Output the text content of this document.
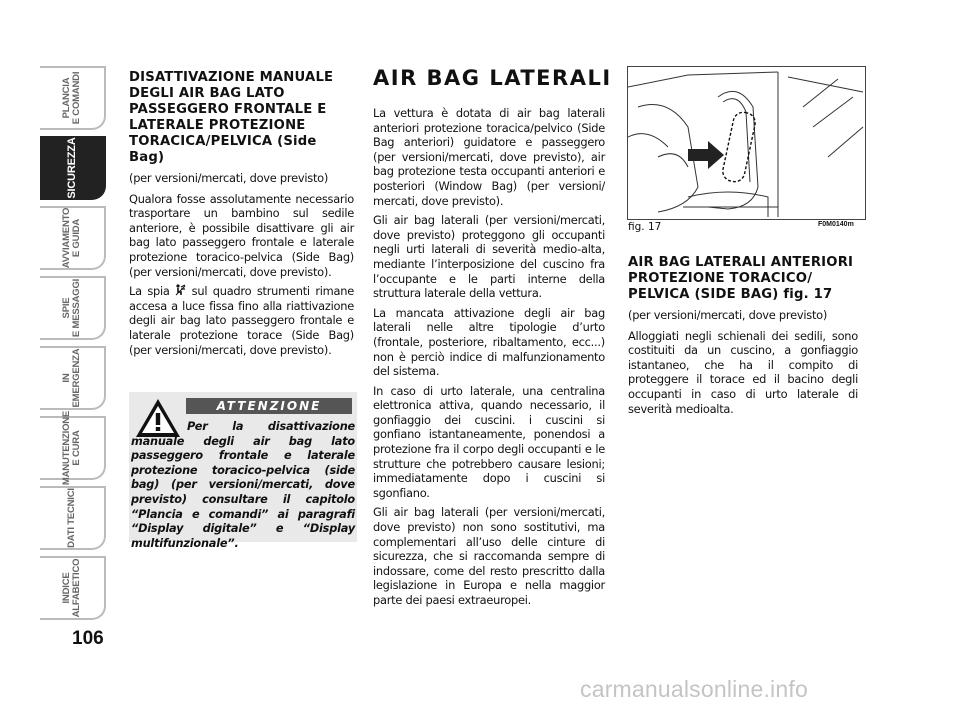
PLANCIA
E COMANDI
SICUREZZA
AVVIAMENTO
E GUIDA
SPIE
E MESSAGGI
IN
EMERGENZA
MANUTENZIONE
E CURA
DATI TECNICI
INDICE
ALFABETICO
106

DISATTIVAZIONE MANUALE DEGLI AIR BAG LATO PASSEGGERO FRONTALE E LATERALE PROTEZIONE TORACICA/PELVICA (Side Bag)

(per versioni/mercati, dove previsto)

Qualora fosse assolutamente necessario trasportare un bambino sul sedile anteriore, è possibile disattivare gli air bag lato passeggero frontale e laterale protezione toracico-pelvica (Side Bag) (per versioni/mercati, dove previsto).

La spia  sul quadro strumenti rimane accesa a luce fissa fino alla riattivazione degli air bag lato passeggero frontale e laterale protezione torace (Side Bag) (per versioni/mercati, dove previsto).

ATTENZIONE
Per la disattivazione manuale degli air bag lato passeggero frontale e laterale protezione toracico-pelvica (side bag) (per versioni/mercati, dove previsto) consultare il capitolo “Plancia e comandi” ai paragrafi “Display digitale” e “Display multifunzionale”.
AIR BAG LATERALI

La vettura è dotata di air bag laterali anteriori protezione toracica/pelvico (Side Bag anteriori) guidatore e passeggero (per versioni/mercati, dove previsto), air bag protezione testa occupanti anteriori e posteriori (Window Bag) (per versioni/ mercati, dove previsto).

Gli air bag laterali (per versioni/mercati, dove previsto) proteggono gli occupanti negli urti laterali di severità medio-alta, mediante l’interposizione del cuscino fra l’occupante e le parti interne della struttura laterale della vettura.

La mancata attivazione degli air bag laterali nelle altre tipologie d’urto (frontale, posteriore, ribaltamento, ecc...) non è perciò indice di malfunzionamento del sistema.

In caso di urto laterale, una centralina elettronica attiva, quando necessario, il gonfiaggio dei cuscini. i cuscini si gonfiano istantaneamente, ponendosi a protezione fra il corpo degli occupanti e le strutture che potrebbero causare lesioni; immediatamente dopo i cuscini si sgonfiano.

Gli air bag laterali (per versioni/mercati, dove previsto) non sono sostitutivi, ma complementari all’uso delle cinture di sicurezza, che si raccomanda sempre di indossare, come del resto prescritto dalla legislazione in Europa e nella maggior parte dei paesi extraeuropei.

fig. 17	F0M0140m

AIR BAG LATERALI ANTERIORI PROTEZIONE TORACICO/ PELVICA (SIDE BAG) fig. 17

(per versioni/mercati, dove previsto)

Alloggiati negli schienali dei sedili, sono costituiti da un cuscino, a gonfiaggio istantaneo, che ha il compito di proteggere il torace ed il bacino degli occupanti in caso di urto laterale di severità medioalta.

carmanualsonline.info
